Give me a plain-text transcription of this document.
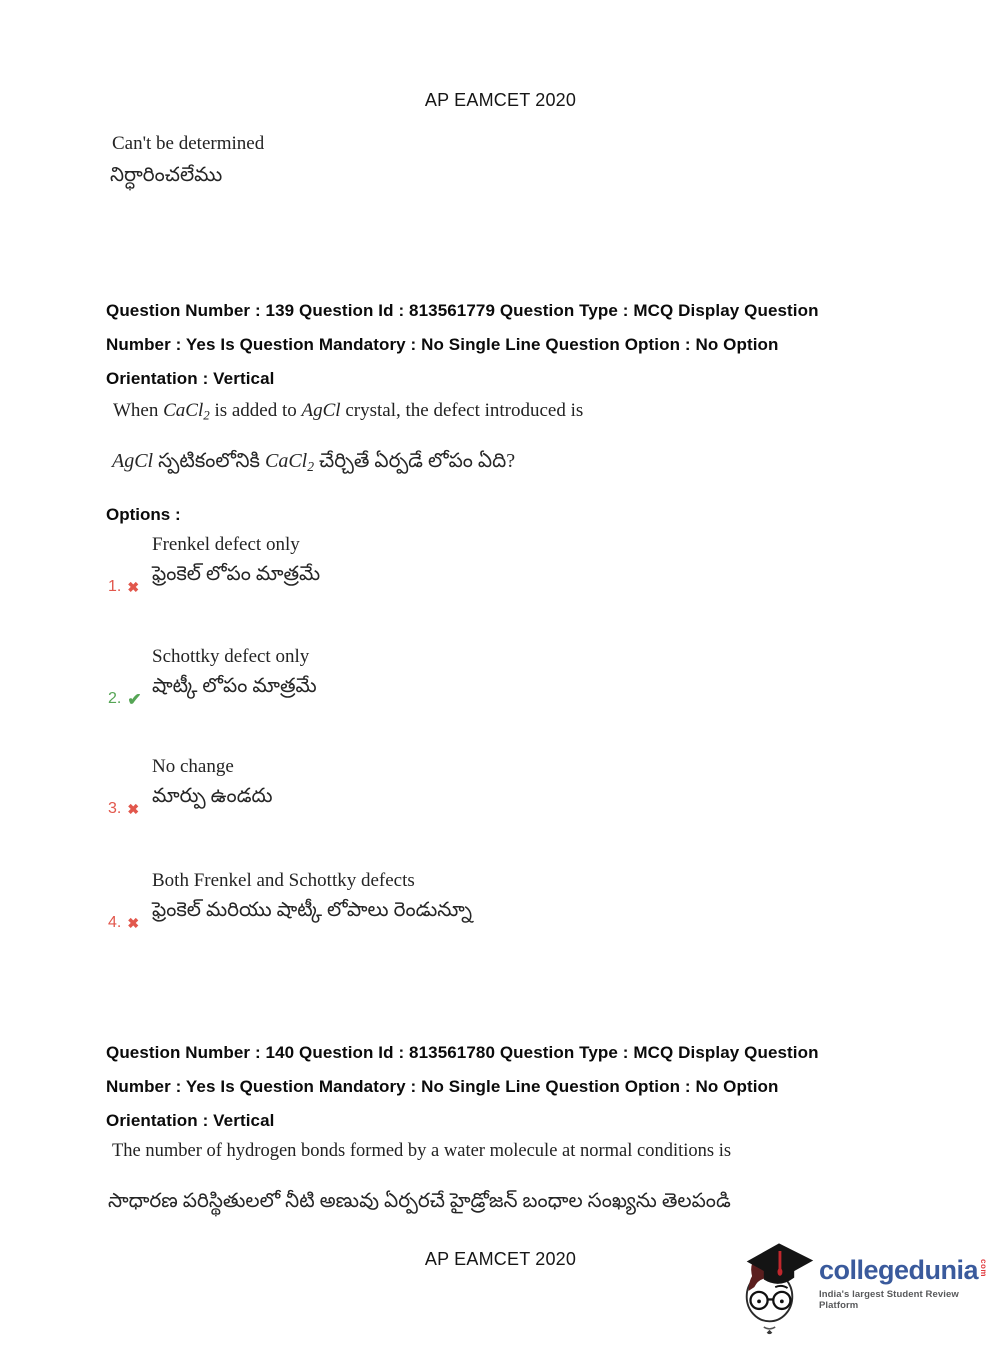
AP EAMCET 2020
Can't be determined
నిర్ధారించలేము
Question Number : 139 Question Id : 813561779 Question Type : MCQ Display Question
Number : Yes Is Question Mandatory : No Single Line Question Option : No Option
Orientation : Vertical
When CaCl2 is added to AgCl crystal, the defect introduced is
AgCl స్పటికంలోనికి CaCl2 చేర్చితే ఏర్పడే లోపం ఏది?
Options :
1. ✖
Frenkel defect only
ఫ్రెంకెల్ లోపం మాత్రమే
2. ✔
Schottky defect only
షాట్కీ లోపం మాత్రమే
3. ✖
No change
మార్పు ఉండదు
4. ✖
Both Frenkel and Schottky defects
ఫ్రెంకెల్ మరియు షాట్కీ లోపాలు రెండున్నూ
Question Number : 140 Question Id : 813561780 Question Type : MCQ Display Question
Number : Yes Is Question Mandatory : No Single Line Question Option : No Option
Orientation : Vertical
The number of hydrogen bonds formed by a water molecule at normal conditions is
సాధారణ పరిస్థితులలో నీటి అణువు ఏర్పరచే హైడ్రోజన్ బంధాల సంఖ్యను తెలపండి
AP EAMCET 2020	collegedunia com
India's largest Student Review Platform
